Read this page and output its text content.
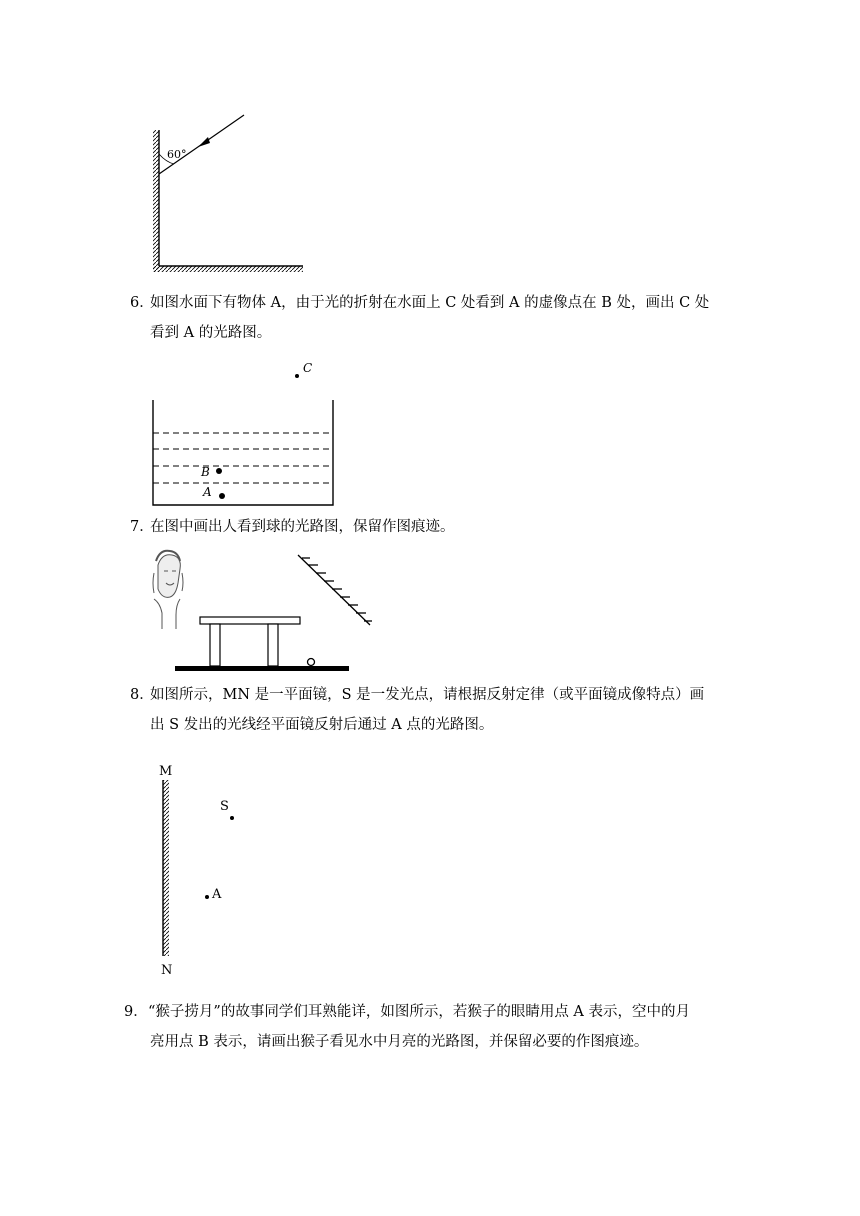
60°
6．
如图水面下有物体 A，由于光的折射在水面上 C 处看到 A 的虚像点在 B 处，画出 C 处
看到 A 的光路图。
C
B
A
7．
在图中画出人看到球的光路图，保留作图痕迹。
8．
如图所示，MN 是一平面镜，S 是一发光点，请根据反射定律（或平面镜成像特点）画
出 S 发出的光线经平面镜反射后通过 A 点的光路图。
M
N
S
A
9． “猴子捞月”的故事同学们耳熟能详，如图所示，若猴子的眼睛用点 A 表示，空中的月
亮用点 B 表示，请画出猴子看见水中月亮的光路图，并保留必要的作图痕迹。
